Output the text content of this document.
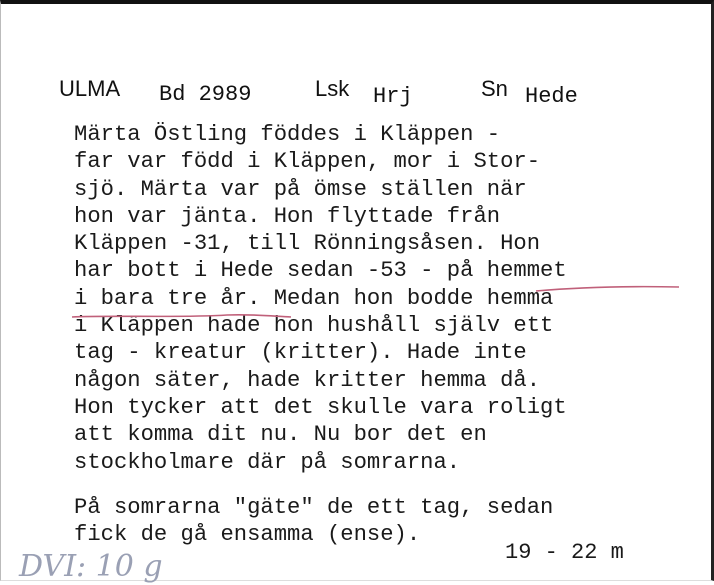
ULMA Bd 2989	Lsk Hrj	Sn Hede
Märta Östling föddes i Kläppen -
far var född i Kläppen, mor i Stor-
sjö. Märta var på ömse ställen när
hon var jänta. Hon flyttade från
Kläppen -31, till Rönningsåsen. Hon
har bott i Hede sedan -53 - på hemmet
i bara tre år. Medan hon bodde hemma
i Kläppen hade hon hushåll själv ett
tag - kreatur (kritter). Hade inte
någon säter, hade kritter hemma då.
Hon tycker att det skulle vara roligt
att komma dit nu. Nu bor det en
stockholmare där på somrarna.
På somrarna "gäte" de ett tag, sedan
fick de gå ensamma (ense).
19 - 22 m
DVI: 10 g
